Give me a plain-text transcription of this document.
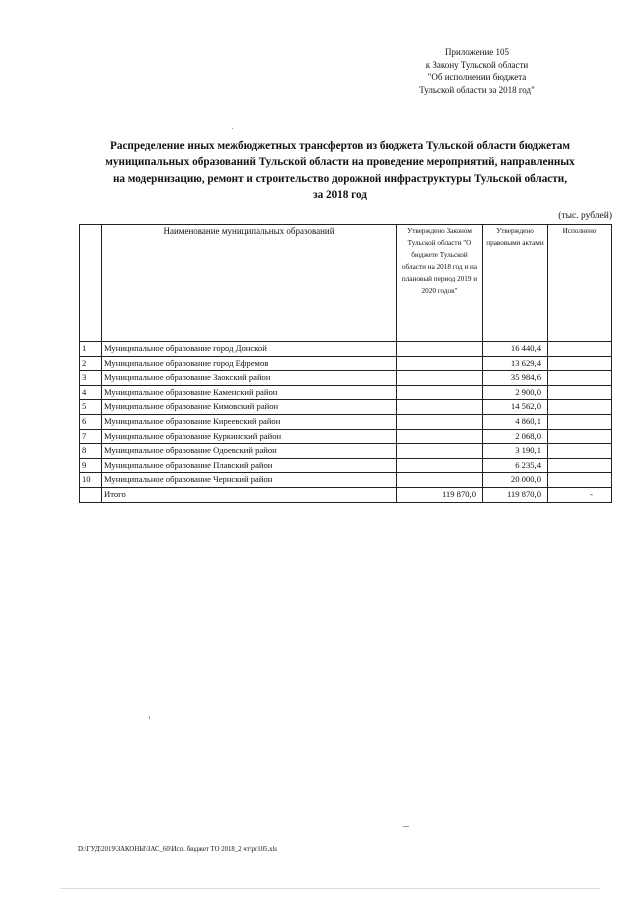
Приложение 105
к Закону Тульской области
"Об исполнении бюджета
Тульской области за 2018 год"
Распределение иных межбюджетных трансфертов из бюджета Тульской области бюджетам
муниципальных образований Тульской области на проведение мероприятий, направленных
на модернизацию, ремонт и строительство дорожной инфраструктуры Тульской области,
за 2018 год
(тыс. рублей)
	Наименование муниципальных образований	Утверждено Законом Тульской области "О бюджете Тульской области на 2018 год и на плановый период 2019 и 2020 годов"	Утверждено правовыми актами	Исполнено
1	Муниципальное образование город Донской		16 440,4	
2	Муниципальное образование город Ефремов		13 629,4	
3	Муниципальное образование Заокский район		35 984,6	
4	Муниципальное образование Каменский район		2 900,0	
5	Муниципальное образование Кимовский район		14 562,0	
6	Муниципальное образование Киреевский район		4 860,1	
7	Муниципальное образование Куркинский район		2 068,0	
8	Муниципальное образование Одоевский район		3 190,1	
9	Муниципальное образование Плавский район		6 235,4	
10	Муниципальное образование Чернский район		20 000,0	
	Итого	119 870,0	119 870,0	-
D:\ГУД\2019\ЗАКОНЫ\ЗАС_60\Исп. бюджет ТО 2018_2 чт\pr105.xls
